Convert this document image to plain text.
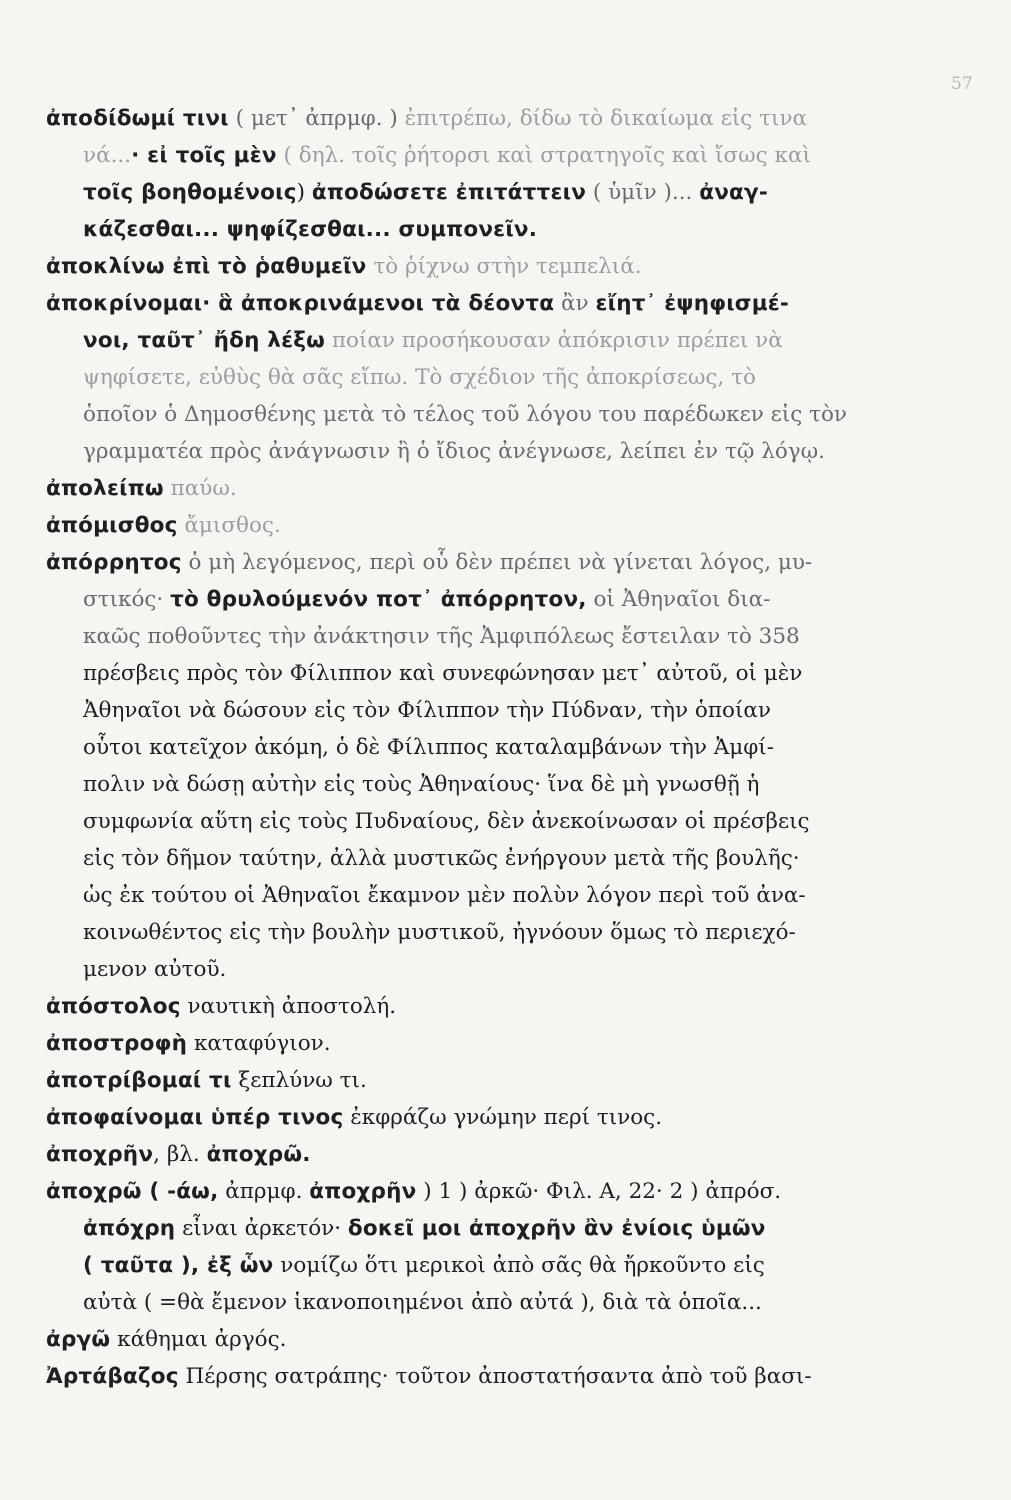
57
ἀποδίδωμί τινι ( μετ᾽ ἀπρμφ. ) ἐπιτρέπω, δίδω τὸ δικαίωμα εἰς τινα
νά...· εἰ τοῖς μὲν ( δηλ. τοῖς ῥήτορσι καὶ στρατηγοῖς καὶ ἴσως καὶ
τοῖς βοηθομένοις) ἀποδώσετε ἐπιτάττειν ( ὑμῖν )... ἀναγ-
κάζεσθαι... ψηφίζεσθαι... συμπονεῖν.
ἀποκλίνω ἐπὶ τὸ ῥαθυμεῖν τὸ ῥίχνω στὴν τεμπελιά.
ἀποκρίνομαι· ἃ ἀποκρινάμενοι τὰ δέοντα ἂν εἴητ᾽ ἐψηφισμέ-
νοι, ταῦτ᾽ ἤδη λέξω ποίαν προσήκουσαν ἀπόκρισιν πρέπει νὰ
ψηφίσετε, εὐθὺς θὰ σᾶς εἴπω. Τὸ σχέδιον τῆς ἀποκρίσεως, τὸ
ὁποῖον ὁ Δημοσθένης μετὰ τὸ τέλος τοῦ λόγου του παρέδωκεν εἰς τὸν
γραμματέα πρὸς ἀνάγνωσιν ἢ ὁ ἴδιος ἀνέγνωσε, λείπει ἐν τῷ λόγῳ.
ἀπολείπω παύω.
ἀπόμισθος ἄμισθος.
ἀπόρρητος ὁ μὴ λεγόμενος, περὶ οὗ δὲν πρέπει νὰ γίνεται λόγος, μυ-
στικός· τὸ θρυλούμενόν ποτ᾽ ἀπόρρητον, οἱ Ἀθηναῖοι δια-
καῶς ποθοῦντες τὴν ἀνάκτησιν τῆς Ἀμφιπόλεως ἔστειλαν τὸ 358
πρέσβεις πρὸς τὸν Φίλιππον καὶ συνεφώνησαν μετ᾽ αὐτοῦ, οἱ μὲν
Ἀθηναῖοι νὰ δώσουν εἰς τὸν Φίλιππον τὴν Πύδναν, τὴν ὁποίαν
οὗτοι κατεῖχον ἀκόμη, ὁ δὲ Φίλιππος καταλαμβάνων τὴν Ἀμφί-
πολιν νὰ δώσῃ αὐτὴν εἰς τοὺς Ἀθηναίους· ἵνα δὲ μὴ γνωσθῇ ἡ
συμφωνία αὕτη εἰς τοὺς Πυδναίους, δὲν ἀνεκοίνωσαν οἱ πρέσβεις
εἰς τὸν δῆμον ταύτην, ἀλλὰ μυστικῶς ἐνήργουν μετὰ τῆς βουλῆς·
ὡς ἐκ τούτου οἱ Ἀθηναῖοι ἔκαμνον μὲν πολὺν λόγον περὶ τοῦ ἀνα-
κοινωθέντος εἰς τὴν βουλὴν μυστικοῦ, ἠγνόουν ὅμως τὸ περιεχό-
μενον αὐτοῦ.
ἀπόστολος ναυτικὴ ἀποστολή.
ἀποστροφὴ καταφύγιον.
ἀποτρίβομαί τι ξεπλύνω τι.
ἀποφαίνομαι ὑπέρ τινος ἐκφράζω γνώμην περί τινος.
ἀποχρῆν, βλ. ἀποχρῶ.
ἀποχρῶ ( -άω, ἀπρμφ. ἀποχρῆν ) 1 ) ἀρκῶ· Φιλ. Α, 22· 2 ) ἀπρόσ.
ἀπόχρη εἶναι ἀρκετόν· δοκεῖ μοι ἀποχρῆν ἂν ἐνίοις ὑμῶν
( ταῦτα ), ἐξ ὧν νομίζω ὅτι μερικοὶ ἀπὸ σᾶς θὰ ἤρκοῦντο εἰς
αὐτὰ ( =θὰ ἔμενον ἱκανοποιημένοι ἀπὸ αὐτά ), διὰ τὰ ὁποῖα...
ἀργῶ κάθημαι ἀργός.
Ἀρτάβαζος Πέρσης σατράπης· τοῦτον ἀποστατήσαντα ἀπὸ τοῦ βασι-
